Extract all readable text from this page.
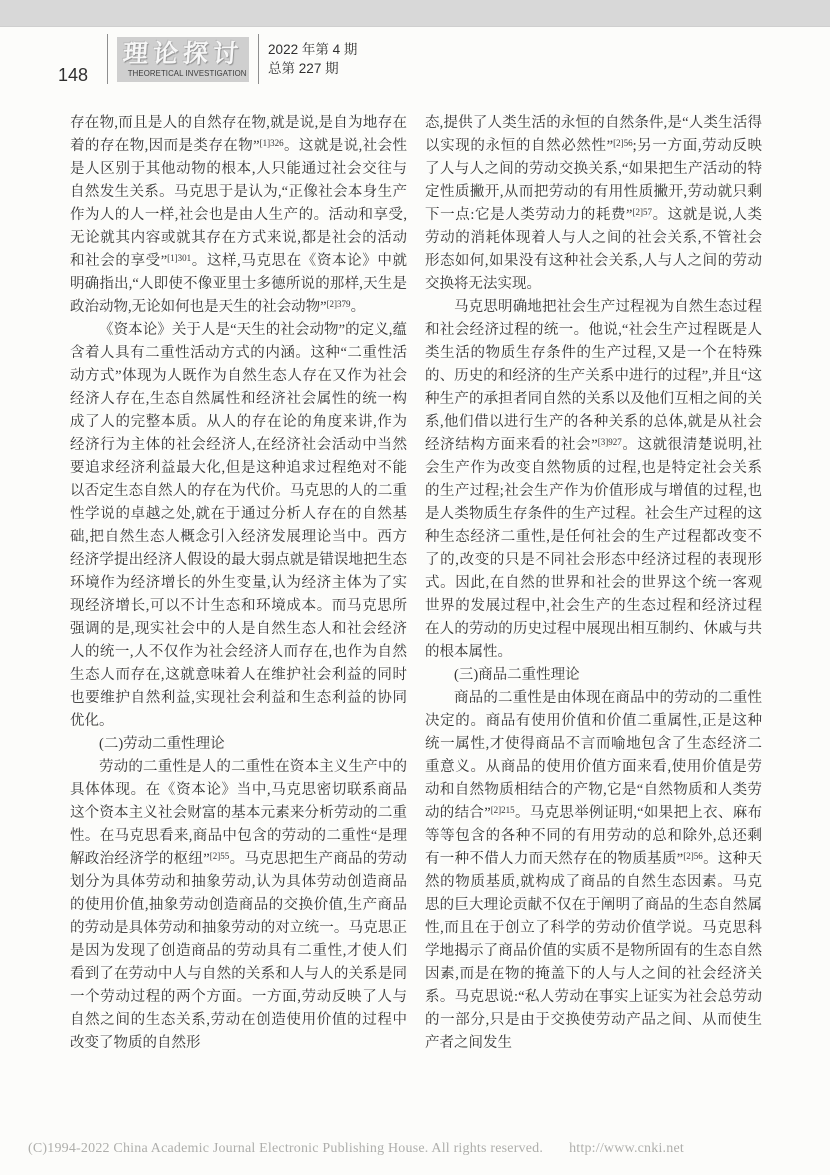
148
理论探讨
THEORETICAL INVESTIGATION
2022 年第 4 期
总第 227 期

存在物,而且是人的自然存在物,就是说,是自为地存在着的存在物,因而是类存在物”$^{[1]326}$。这就是说,社会性是人区别于其他动物的根本,人只能通过社会交往与自然发生关系。马克思于是认为,“正像社会本身生产作为人的人一样,社会也是由人生产的。活动和享受,无论就其内容或就其存在方式来说,都是社会的活动和社会的享受”$^{[1]301}$。这样,马克思在《资本论》中就明确指出,“人即使不像亚里士多德所说的那样,天生是政治动物,无论如何也是天生的社会动物”$^{[2]379}$。

《资本论》关于人是“天生的社会动物”的定义,蕴含着人具有二重性活动方式的内涵。这种“二重性活动方式”体现为人既作为自然生态人存在又作为社会经济人存在,生态自然属性和经济社会属性的统一构成了人的完整本质。从人的存在论的角度来讲,作为经济行为主体的社会经济人,在经济社会活动中当然要追求经济利益最大化,但是这种追求过程绝对不能以否定生态自然人的存在为代价。马克思的人的二重性学说的卓越之处,就在于通过分析人存在的自然基础,把自然生态人概念引入经济发展理论当中。西方经济学提出经济人假设的最大弱点就是错误地把生态环境作为经济增长的外生变量,认为经济主体为了实现经济增长,可以不计生态和环境成本。而马克思所强调的是,现实社会中的人是自然生态人和社会经济人的统一,人不仅作为社会经济人而存在,也作为自然生态人而存在,这就意味着人在维护社会利益的同时也要维护自然利益,实现社会利益和生态利益的协同优化。

(二)劳动二重性理论

劳动的二重性是人的二重性在资本主义生产中的具体体现。在《资本论》当中,马克思密切联系商品这个资本主义社会财富的基本元素来分析劳动的二重性。在马克思看来,商品中包含的劳动的二重性“是理解政治经济学的枢纽”$^{[2]55}$。马克思把生产商品的劳动划分为具体劳动和抽象劳动,认为具体劳动创造商品的使用价值,抽象劳动创造商品的交换价值,生产商品的劳动是具体劳动和抽象劳动的对立统一。马克思正是因为发现了创造商品的劳动具有二重性,才使人们看到了在劳动中人与自然的关系和人与人的关系是同一个劳动过程的两个方面。一方面,劳动反映了人与自然之间的生态关系,劳动在创造使用价值的过程中改变了物质的自然形

态,提供了人类生活的永恒的自然条件,是“人类生活得以实现的永恒的自然必然性”$^{[2]56}$;另一方面,劳动反映了人与人之间的劳动交换关系,“如果把生产活动的特定性质撇开,从而把劳动的有用性质撇开,劳动就只剩下一点:它是人类劳动力的耗费”$^{[2]57}$。这就是说,人类劳动的消耗体现着人与人之间的社会关系,不管社会形态如何,如果没有这种社会关系,人与人之间的劳动交换将无法实现。

马克思明确地把社会生产过程视为自然生态过程和社会经济过程的统一。他说,“社会生产过程既是人类生活的物质生存条件的生产过程,又是一个在特殊的、历史的和经济的生产关系中进行的过程”,并且“这种生产的承担者同自然的关系以及他们互相之间的关系,他们借以进行生产的各种关系的总体,就是从社会经济结构方面来看的社会”$^{[3]927}$。这就很清楚说明,社会生产作为改变自然物质的过程,也是特定社会关系的生产过程;社会生产作为价值形成与增值的过程,也是人类物质生存条件的生产过程。社会生产过程的这种生态经济二重性,是任何社会的生产过程都改变不了的,改变的只是不同社会形态中经济过程的表现形式。因此,在自然的世界和社会的世界这个统一客观世界的发展过程中,社会生产的生态过程和经济过程在人的劳动的历史过程中展现出相互制约、休戚与共的根本属性。

(三)商品二重性理论

商品的二重性是由体现在商品中的劳动的二重性决定的。商品有使用价值和价值二重属性,正是这种统一属性,才使得商品不言而喻地包含了生态经济二重意义。从商品的使用价值方面来看,使用价值是劳动和自然物质相结合的产物,它是“自然物质和人类劳动的结合”$^{[2]215}$。马克思举例证明,“如果把上衣、麻布等等包含的各种不同的有用劳动的总和除外,总还剩有一种不借人力而天然存在的物质基质”$^{[2]56}$。这种天然的物质基质,就构成了商品的自然生态因素。马克思的巨大理论贡献不仅在于阐明了商品的生态自然属性,而且在于创立了科学的劳动价值学说。马克思科学地揭示了商品价值的实质不是物所固有的生态自然因素,而是在物的掩盖下的人与人之间的社会经济关系。马克思说:“私人劳动在事实上证实为社会总劳动的一部分,只是由于交换使劳动产品之间、从而使生产者之间发生

(C)1994-2022 China Academic Journal Electronic Publishing House. All rights reserved. http://www.cnki.net
